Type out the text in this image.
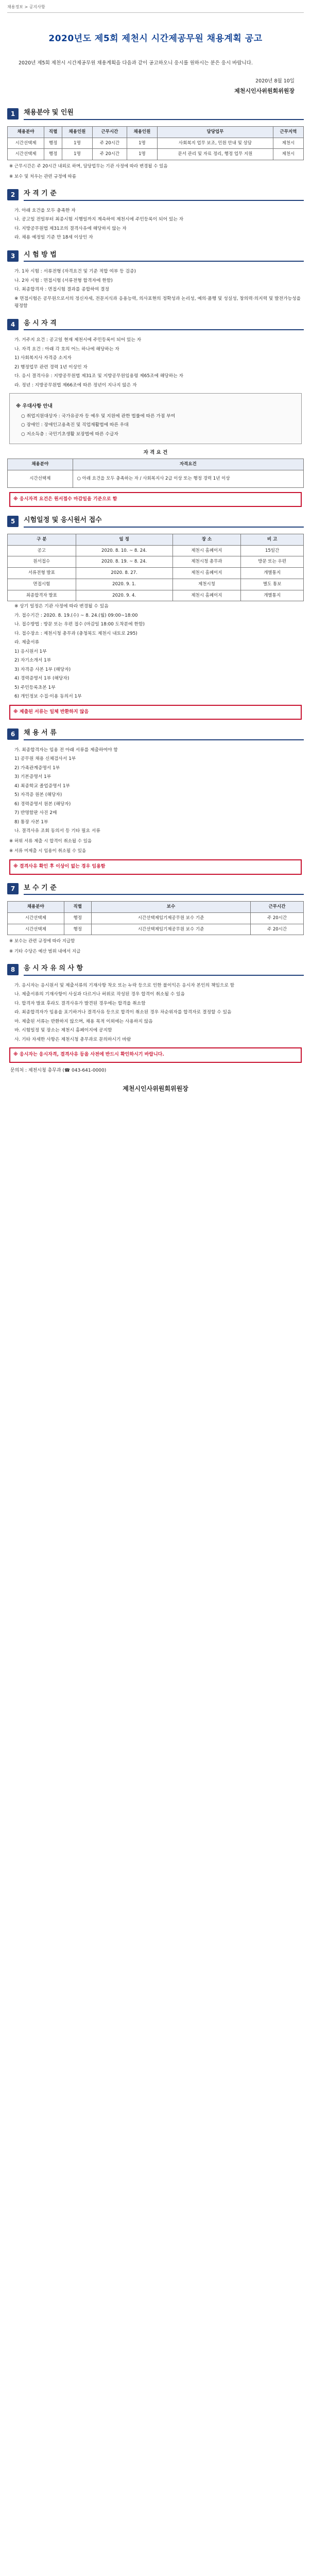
채용정보 > 공지사항
2020년도 제5회 제천시 시간제공무원 채용계획 공고
2020년 제5회 제천시 시간제공무원 채용계획을 다음과 같이 공고하오니 응시를 원하시는 분은 응시 바랍니다.
2020년 8월 10일
제천시인사위원회위원장
1	채용분야 및 인원
채용분야	직렬	채용인원	근무시간	채용인원	담당업무	근무지역
시간선택제	행정	1명	주 20시간	1명	사회복지 업무 보조, 민원 안내 및 상담	제천시
시간선택제	행정	1명	주 20시간	1명	문서 관리 및 자료 정리, 행정 업무 지원	제천시
※ 근무시간은 주 20시간 내외로 하며, 담당업무는 기관 사정에 따라 변경될 수 있음
※ 보수 및 처우는 관련 규정에 따름
2	자 격 기 준
가. 아래 요건을 모두 충족한 자
나. 공고일 전일부터 최종시험 시행일까지 계속하여 제천시에 주민등록이 되어 있는 자
다. 지방공무원법 제31조의 결격사유에 해당하지 않는 자
라. 채용 예정일 기준 만 18세 이상인 자
3	시 험 방 법
가. 1차 시험 : 서류전형 (자격요건 및 기준 적합 여부 등 검증)
나. 2차 시험 : 면접시험 (서류전형 합격자에 한함)
다. 최종합격자 : 면접시험 결과를 종합하여 결정
※ 면접시험은 공무원으로서의 정신자세, 전문지식과 응용능력, 의사표현의 정확성과 논리성, 예의·품행 및 성실성, 창의력·의지력 및 발전가능성을 평정함
4	응 시 자 격
가. 거주지 요건 : 공고일 현재 제천시에 주민등록이 되어 있는 자
나. 자격 요건 : 아래 각 호의 어느 하나에 해당하는 자
1) 사회복지사 자격증 소지자
2) 행정업무 관련 경력 1년 이상인 자
다. 응시 결격사유 : 지방공무원법 제31조 및 지방공무원임용령 제65조에 해당하는 자
라. 정년 : 지방공무원법 제66조에 따른 정년이 지나지 않은 자
※ 우대사항 안내
○ 취업지원대상자 : 국가유공자 등 예우 및 지원에 관한 법률에 따른 가점 부여
○ 장애인 : 장애인고용촉진 및 직업재활법에 따른 우대
○ 저소득층 : 국민기초생활 보장법에 따른 수급자
자 격 요 건
채용분야	자격요건
시간선택제	○ 아래 요건을 모두 충족하는 자 / 사회복지사 2급 이상 또는 행정 경력 1년 이상
※ 응시자격 요건은 원서접수 마감일을 기준으로 함
5	시험일정 및 응시원서 접수
구 분	일 정	장 소	비 고
공고	2020. 8. 10. ~ 8. 24.	제천시 홈페이지	15일간
원서접수	2020. 8. 19. ~ 8. 24.	제천시청 총무과	방문 또는 우편
서류전형 발표	2020. 8. 27.	제천시 홈페이지	개별통지
면접시험	2020. 9. 1.	제천시청	별도 통보
최종합격자 발표	2020. 9. 4.	제천시 홈페이지	개별통지
※ 상기 일정은 기관 사정에 따라 변경될 수 있음
가. 접수기간 : 2020. 8. 19.(수) ~ 8. 24.(월) 09:00~18:00
나. 접수방법 : 방문 또는 우편 접수 (마감일 18:00 도착분에 한함)
다. 접수장소 : 제천시청 총무과 (충청북도 제천시 내토로 295)
라. 제출서류
1) 응시원서 1부
2) 자기소개서 1부
3) 자격증 사본 1부 (해당자)
4) 경력증명서 1부 (해당자)
5) 주민등록초본 1부
6) 개인정보 수집·이용 동의서 1부
※ 제출된 서류는 일체 반환하지 않음
6	채 용 서 류
가. 최종합격자는 임용 전 아래 서류를 제출하여야 함
1) 공무원 채용 신체검사서 1부
2) 가족관계증명서 1부
3) 기본증명서 1부
4) 최종학교 졸업증명서 1부
5) 자격증 원본 (해당자)
6) 경력증명서 원본 (해당자)
7) 반명함판 사진 2매
8) 통장 사본 1부
나. 결격사유 조회 동의서 등 기타 필요 서류
※ 허위 서류 제출 시 합격이 취소될 수 있음
※ 서류 미제출 시 임용이 취소될 수 있음
※ 결격사유 확인 후 이상이 없는 경우 임용함
7	보 수 기 준
채용분야	직렬	보수	근무시간
시간선택제	행정	시간선택제임기제공무원 보수 기준	주 20시간
시간선택제	행정	시간선택제임기제공무원 보수 기준	주 20시간
※ 보수는 관련 규정에 따라 지급함
※ 기타 수당은 예산 범위 내에서 지급
8	응 시 자 유 의 사 항
가. 응시자는 응시원서 및 제출서류의 기재사항 착오 또는 누락 등으로 인한 불이익은 응시자 본인의 책임으로 함
나. 제출서류의 기재사항이 사실과 다르거나 허위로 작성된 경우 합격이 취소될 수 있음
다. 합격자 발표 후라도 결격사유가 발견된 경우에는 합격을 취소함
라. 최종합격자가 임용을 포기하거나 결격사유 등으로 합격이 취소된 경우 차순위자를 합격자로 결정할 수 있음
마. 제출된 서류는 반환하지 않으며, 채용 목적 이외에는 사용하지 않음
바. 시험일정 및 장소는 제천시 홈페이지에 공지함
사. 기타 자세한 사항은 제천시청 총무과로 문의하시기 바람
※ 응시자는 응시자격, 결격사유 등을 사전에 반드시 확인하시기 바랍니다.
문의처 : 제천시청 총무과 (☎ 043-641-0000)
제천시인사위원회위원장
